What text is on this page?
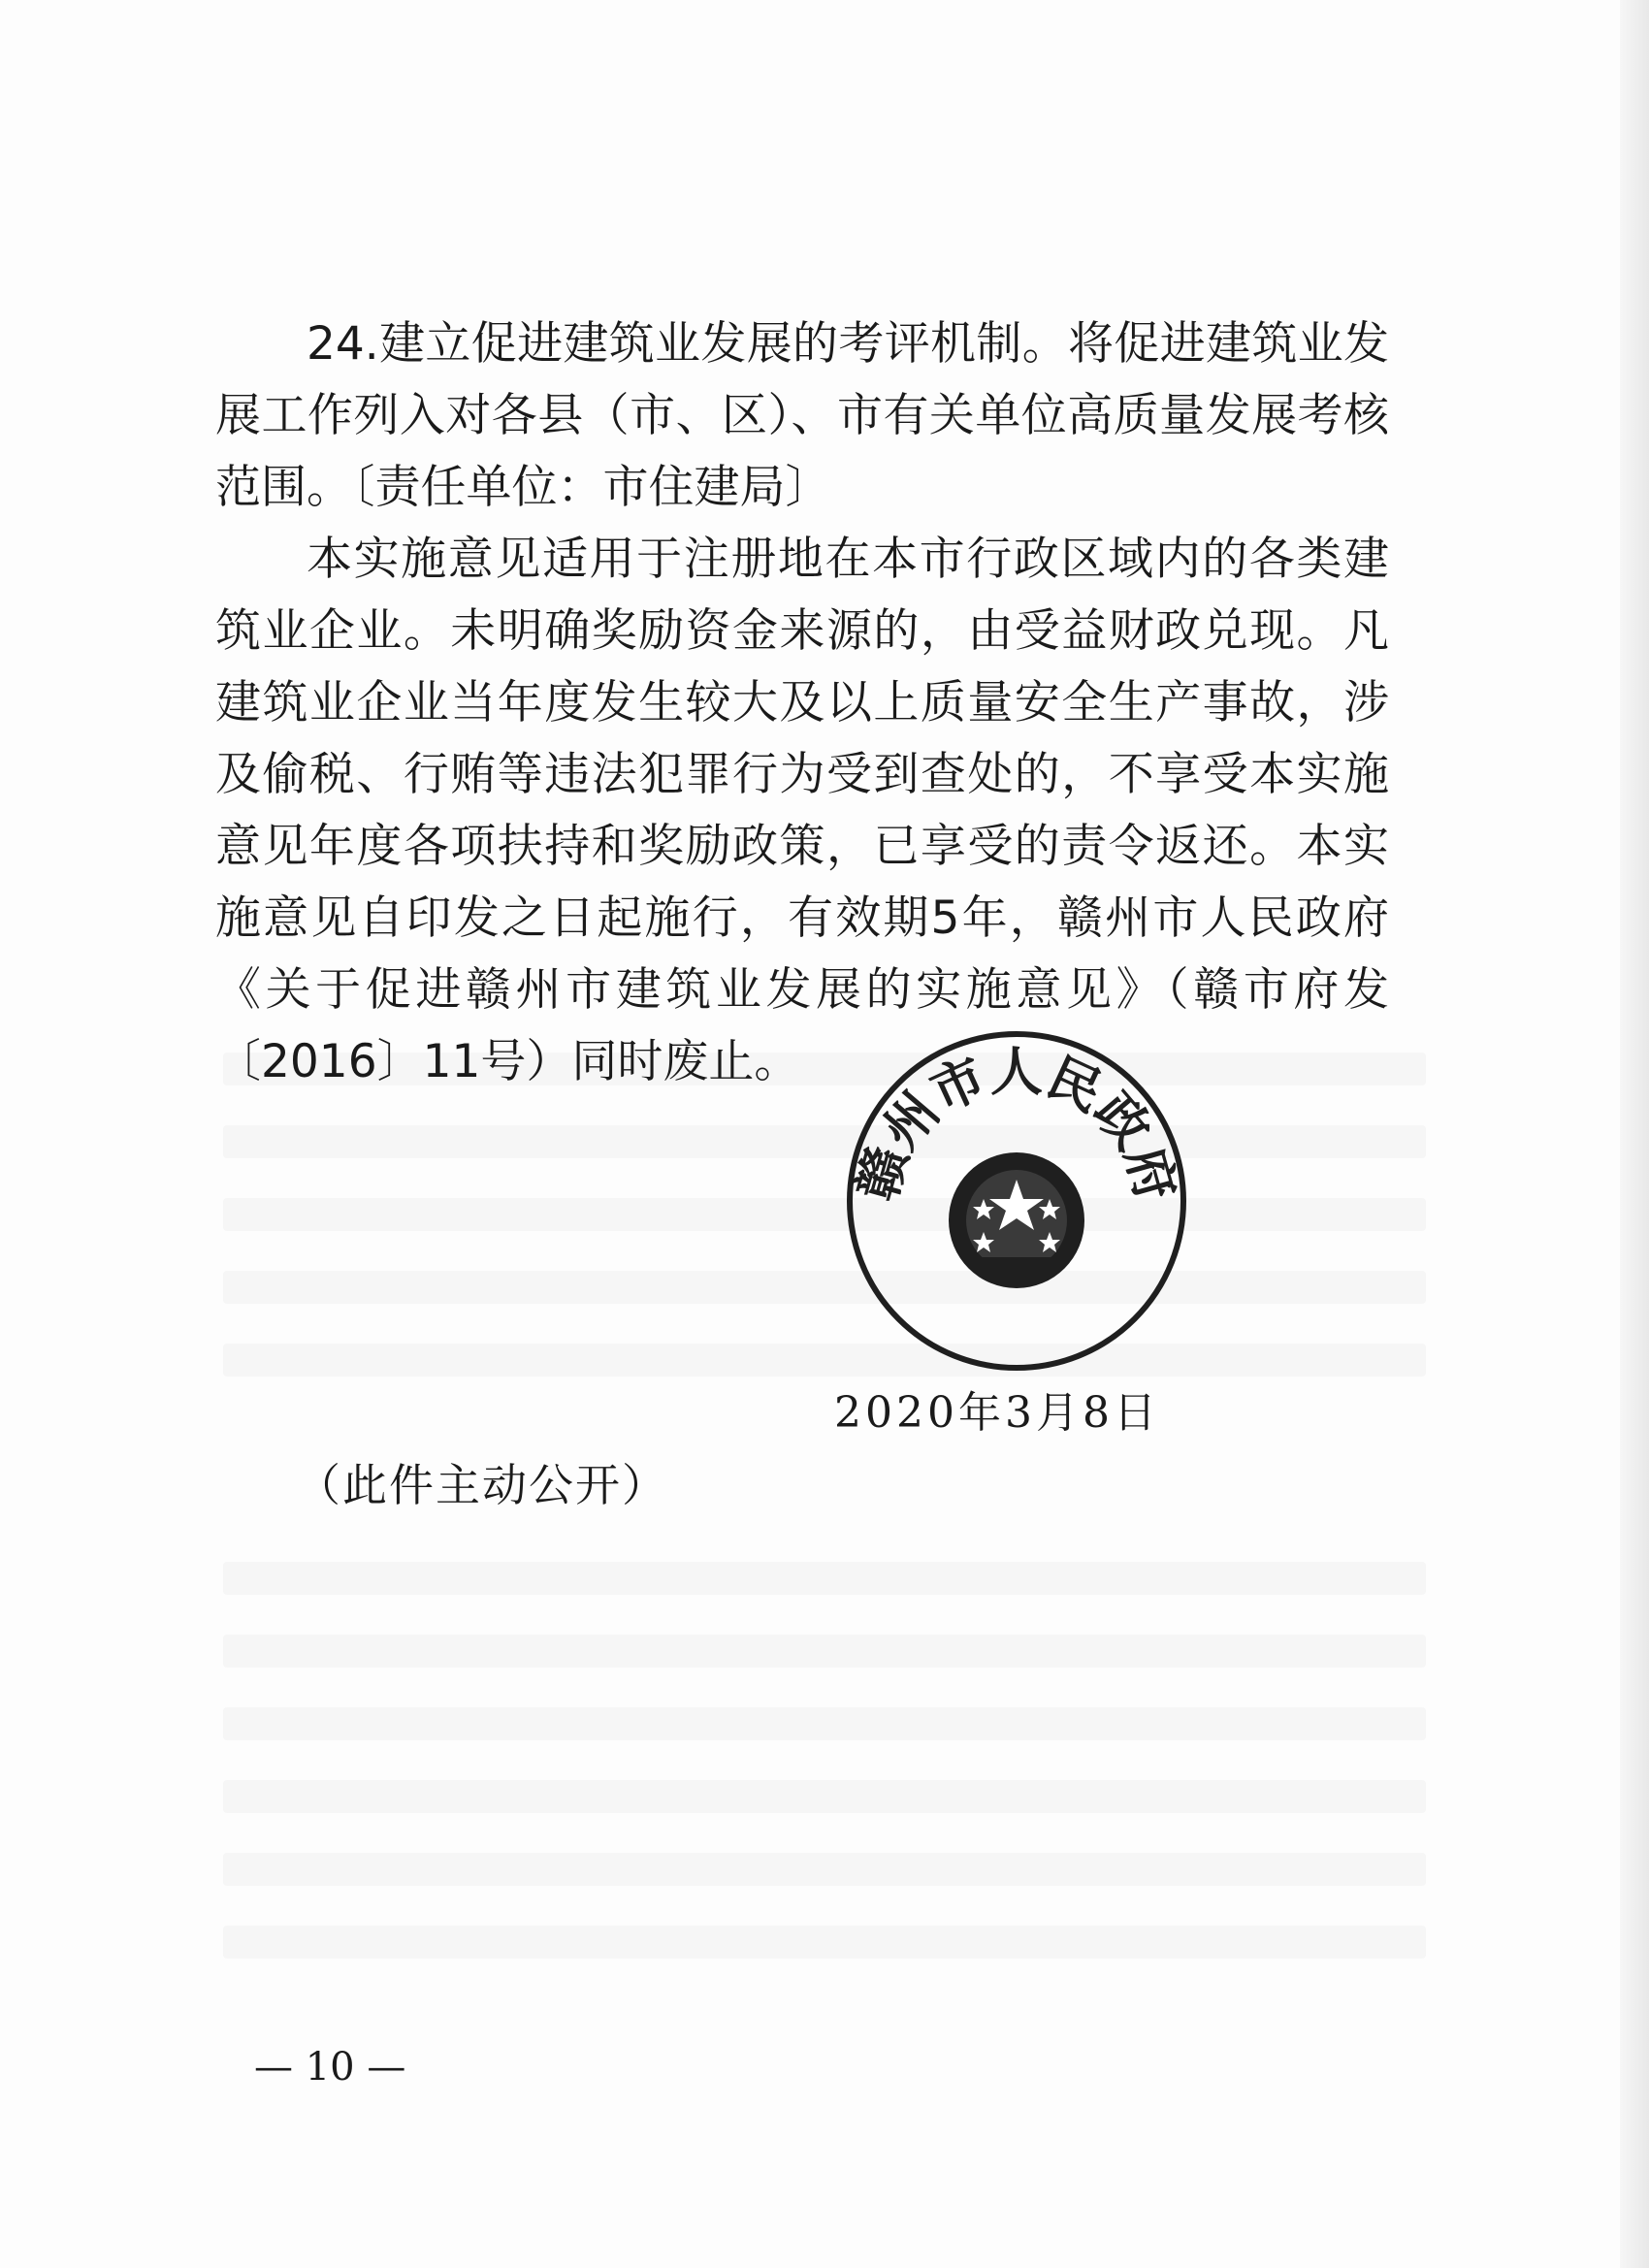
24.建立促进建筑业发展的考评机制。将促进建筑业发展工作列入对各县（市、区）、市有关单位高质量发展考核范围。〔责任单位：市住建局〕

本实施意见适用于注册地在本市行政区域内的各类建筑业企业。未明确奖励资金来源的，由受益财政兑现。凡建筑业企业当年度发生较大及以上质量安全生产事故，涉及偷税、行贿等违法犯罪行为受到查处的，不享受本实施意见年度各项扶持和奖励政策，已享受的责令返还。本实施意见自印发之日起施行，有效期5年，赣州市人民政府《关于促进赣州市建筑业发展的实施意见》（赣市府发〔2016〕11号）同时废止。

赣州市人民政府
2020年3月8日
（此件主动公开）
— 10 —
